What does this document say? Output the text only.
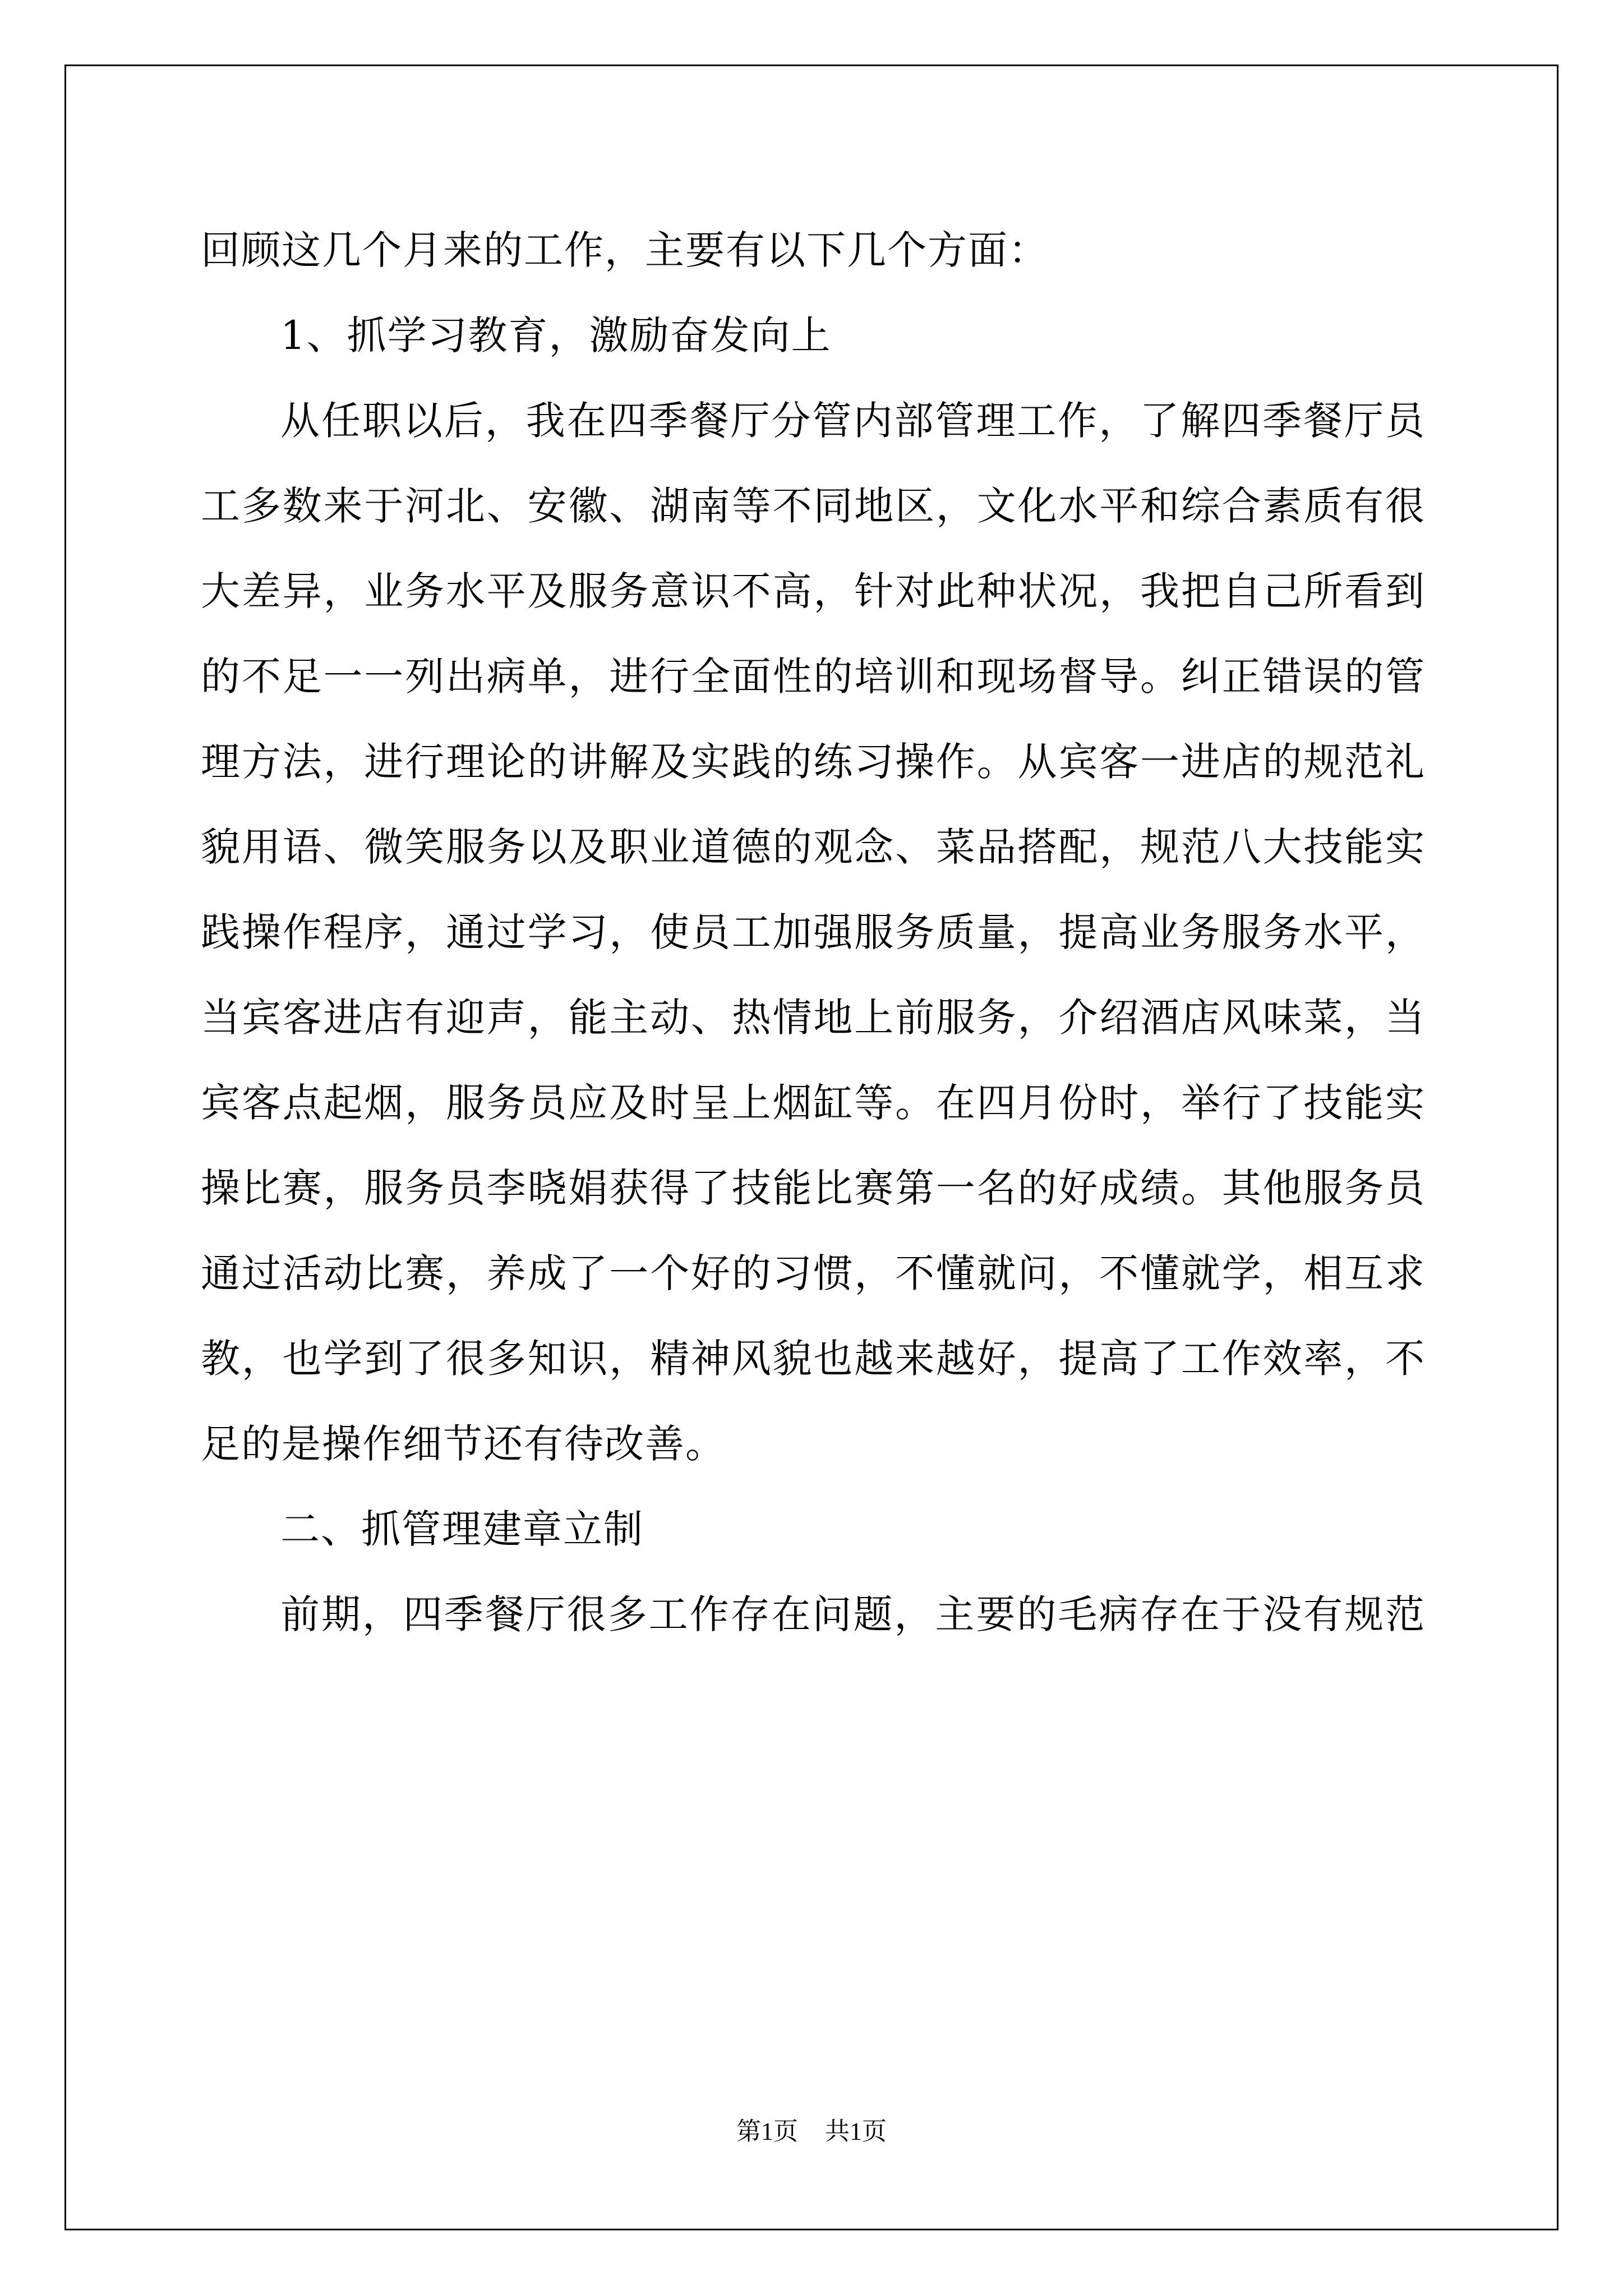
回顾这几个月来的工作，主要有以下几个方面：
1、抓学习教育，激励奋发向上
从任职以后，我在四季餐厅分管内部管理工作，了解四季餐厅员
工多数来于河北、安徽、湖南等不同地区，文化水平和综合素质有很
大差异，业务水平及服务意识不高，针对此种状况，我把自己所看到
的不足一一列出病单，进行全面性的培训和现场督导。纠正错误的管
理方法，进行理论的讲解及实践的练习操作。从宾客一进店的规范礼
貌用语、微笑服务以及职业道德的观念、菜品搭配，规范八大技能实
践操作程序，通过学习，使员工加强服务质量，提高业务服务水平，
当宾客进店有迎声，能主动、热情地上前服务，介绍酒店风味菜，当
宾客点起烟，服务员应及时呈上烟缸等。在四月份时，举行了技能实
操比赛，服务员李晓娟获得了技能比赛第一名的好成绩。其他服务员
通过活动比赛，养成了一个好的习惯，不懂就问，不懂就学，相互求
教，也学到了很多知识，精神风貌也越来越好，提高了工作效率，不
足的是操作细节还有待改善。
二、抓管理建章立制
前期，四季餐厅很多工作存在问题，主要的毛病存在于没有规范
第1页 共1页
